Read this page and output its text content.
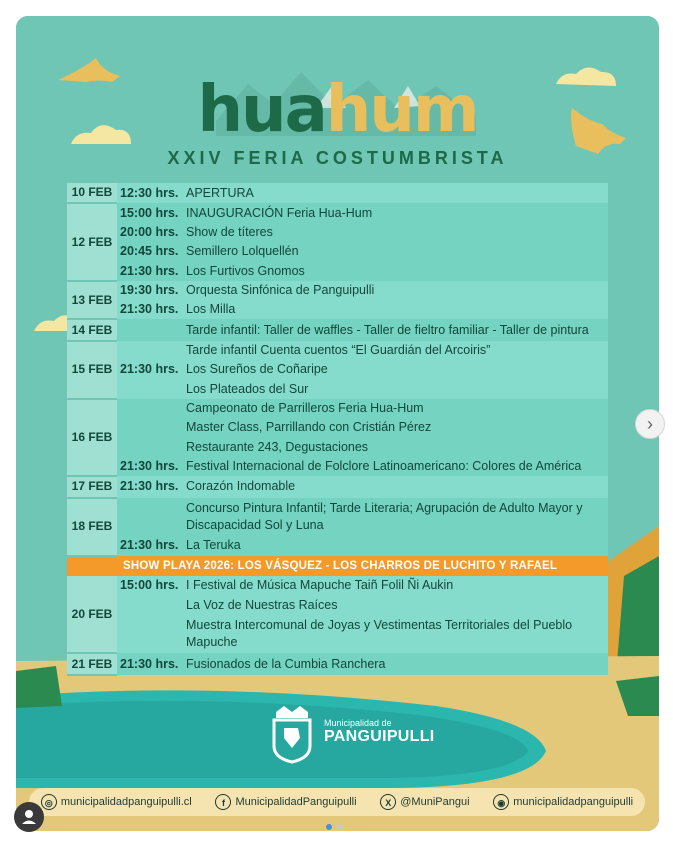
huahum
XXIV FERIA COSTUMBRISTA
Municipalidad de
PANGUIPULLI
◎ municipalidadpanguipulli.cl	f MunicipalidadPanguipulli	X @MuniPangui	◉ municipalidadpanguipulli
10 FEB	12:30 hrs.	APERTURA
12 FEB	15:00 hrs.	INAUGURACIÓN Feria Hua-Hum
	20:00 hrs.	Show de títeres
	20:45 hrs.	Semillero Lolquellén
	21:30 hrs.	Los Furtivos Gnomos
13 FEB	19:30 hrs.	Orquesta Sinfónica de Panguipulli
	21:30 hrs.	Los Milla
14 FEB		Tarde infantil: Taller de waffles - Taller de fieltro familiar - Taller de pintura
15 FEB		Tarde infantil Cuenta cuentos “El Guardián del Arcoiris”
	21:30 hrs.	Los Sureños de Coñaripe
		Los Plateados del Sur
16 FEB		Campeonato de Parrilleros Feria Hua-Hum
		Master Class, Parrillando con Cristián Pérez
		Restaurante 243, Degustaciones
	21:30 hrs.	Festival Internacional de Folclore Latinoamericano: Colores de América
17 FEB	21:30 hrs.	Corazón Indomable
18 FEB		Concurso Pintura Infantil; Tarde Literaria; Agrupación de Adulto Mayor y Discapacidad Sol y Luna
	21:30 hrs.	La Teruka
SHOW PLAYA 2026: LOS VÁSQUEZ - LOS CHARROS DE LUCHITO Y RAFAEL		
20 FEB	15:00 hrs.	I Festival de Música Mapuche Taiñ Folil Ñi Aukin
		La Voz de Nuestras Raíces
		Muestra Intercomunal de Joyas y Vestimentas Territoriales del Pueblo Mapuche
21 FEB	21:30 hrs.	Fusionados de la Cumbia Ranchera
›
